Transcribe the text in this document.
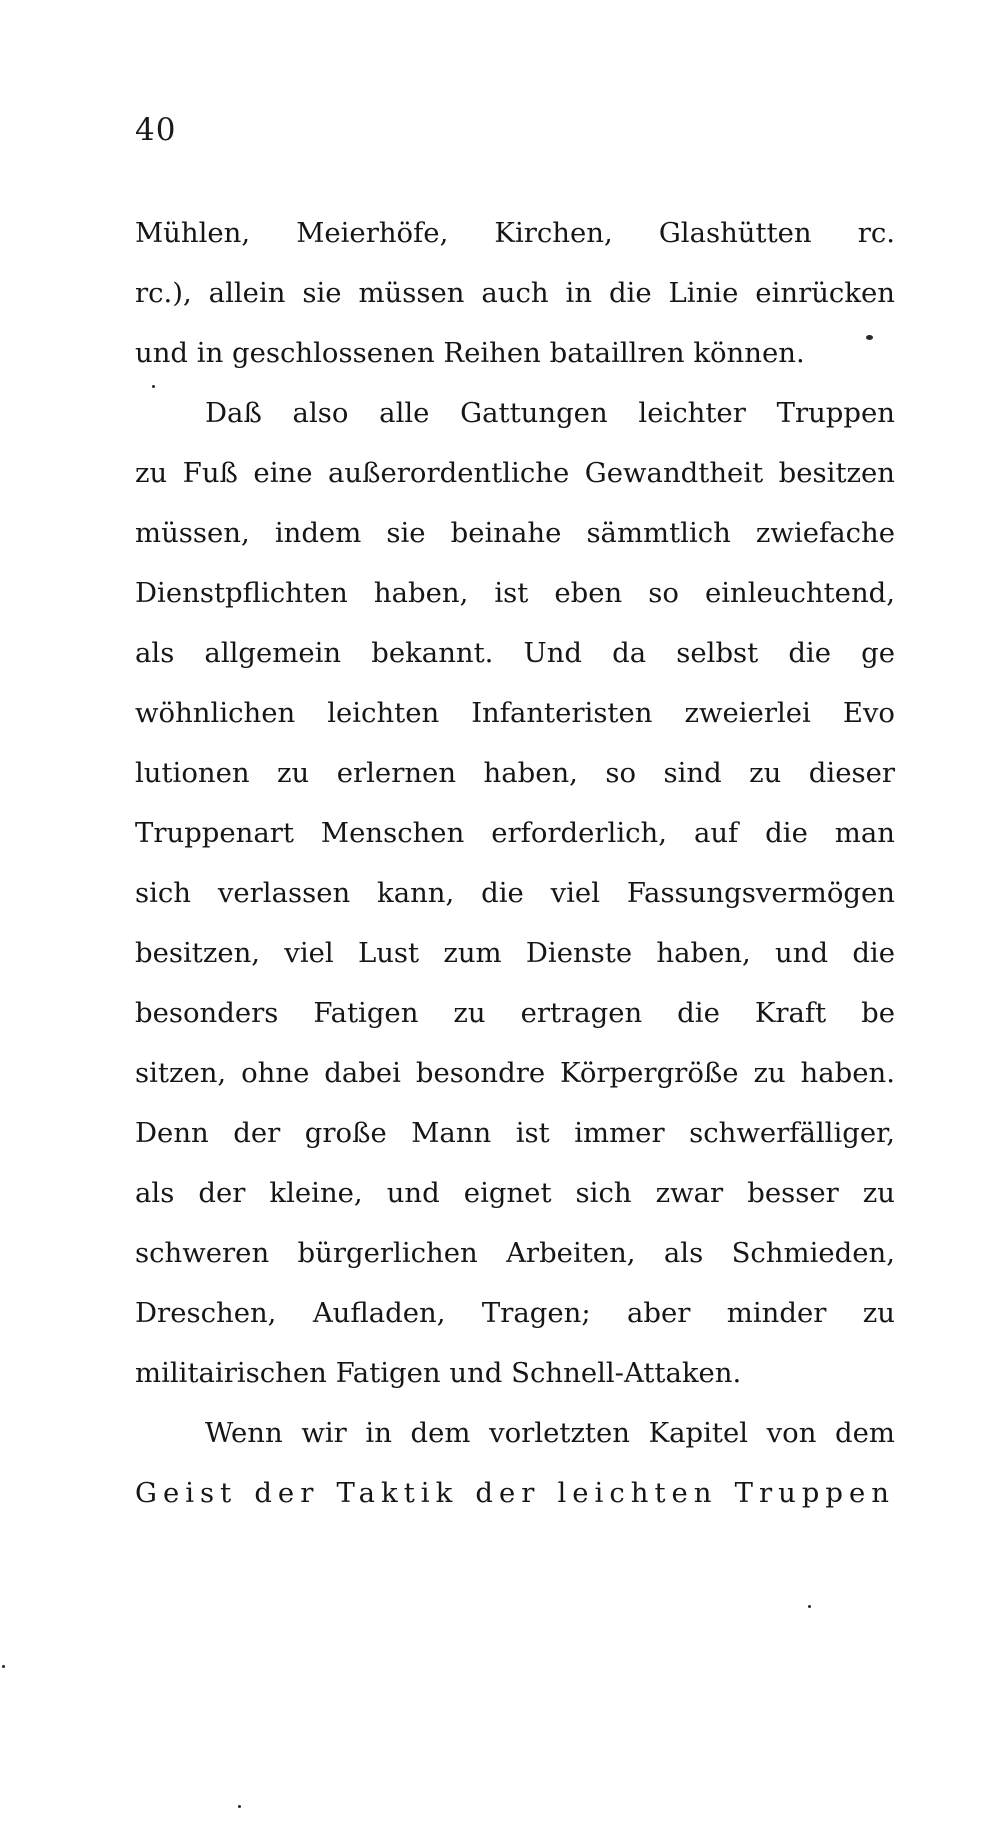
40
Mühlen, Meierhöfe, Kirchen, Glashütten rc.
rc.), allein sie müssen auch in die Linie einrücken
und in geschlossenen Reihen bataillren können.
Daß also alle Gattungen leichter Truppen
zu Fuß eine außerordentliche Gewandtheit besitzen
müssen, indem sie beinahe sämmtlich zwiefache
Dienstpflichten haben, ist eben so einleuchtend,
als allgemein bekannt. Und da selbst die ge
wöhnlichen leichten Infanteristen zweierlei Evo
lutionen zu erlernen haben, so sind zu dieser
Truppenart Menschen erforderlich, auf die man
sich verlassen kann, die viel Fassungsvermögen
besitzen, viel Lust zum Dienste haben, und die
besonders Fatigen zu ertragen die Kraft be
sitzen, ohne dabei besondre Körpergröße zu haben.
Denn der große Mann ist immer schwerfälliger,
als der kleine, und eignet sich zwar besser zu
schweren bürgerlichen Arbeiten, als Schmieden,
Dreschen, Aufladen, Tragen; aber minder zu
militairischen Fatigen und Schnell-Attaken.
Wenn wir in dem vorletzten Kapitel von dem
Geist der Taktik der leichten Truppen
